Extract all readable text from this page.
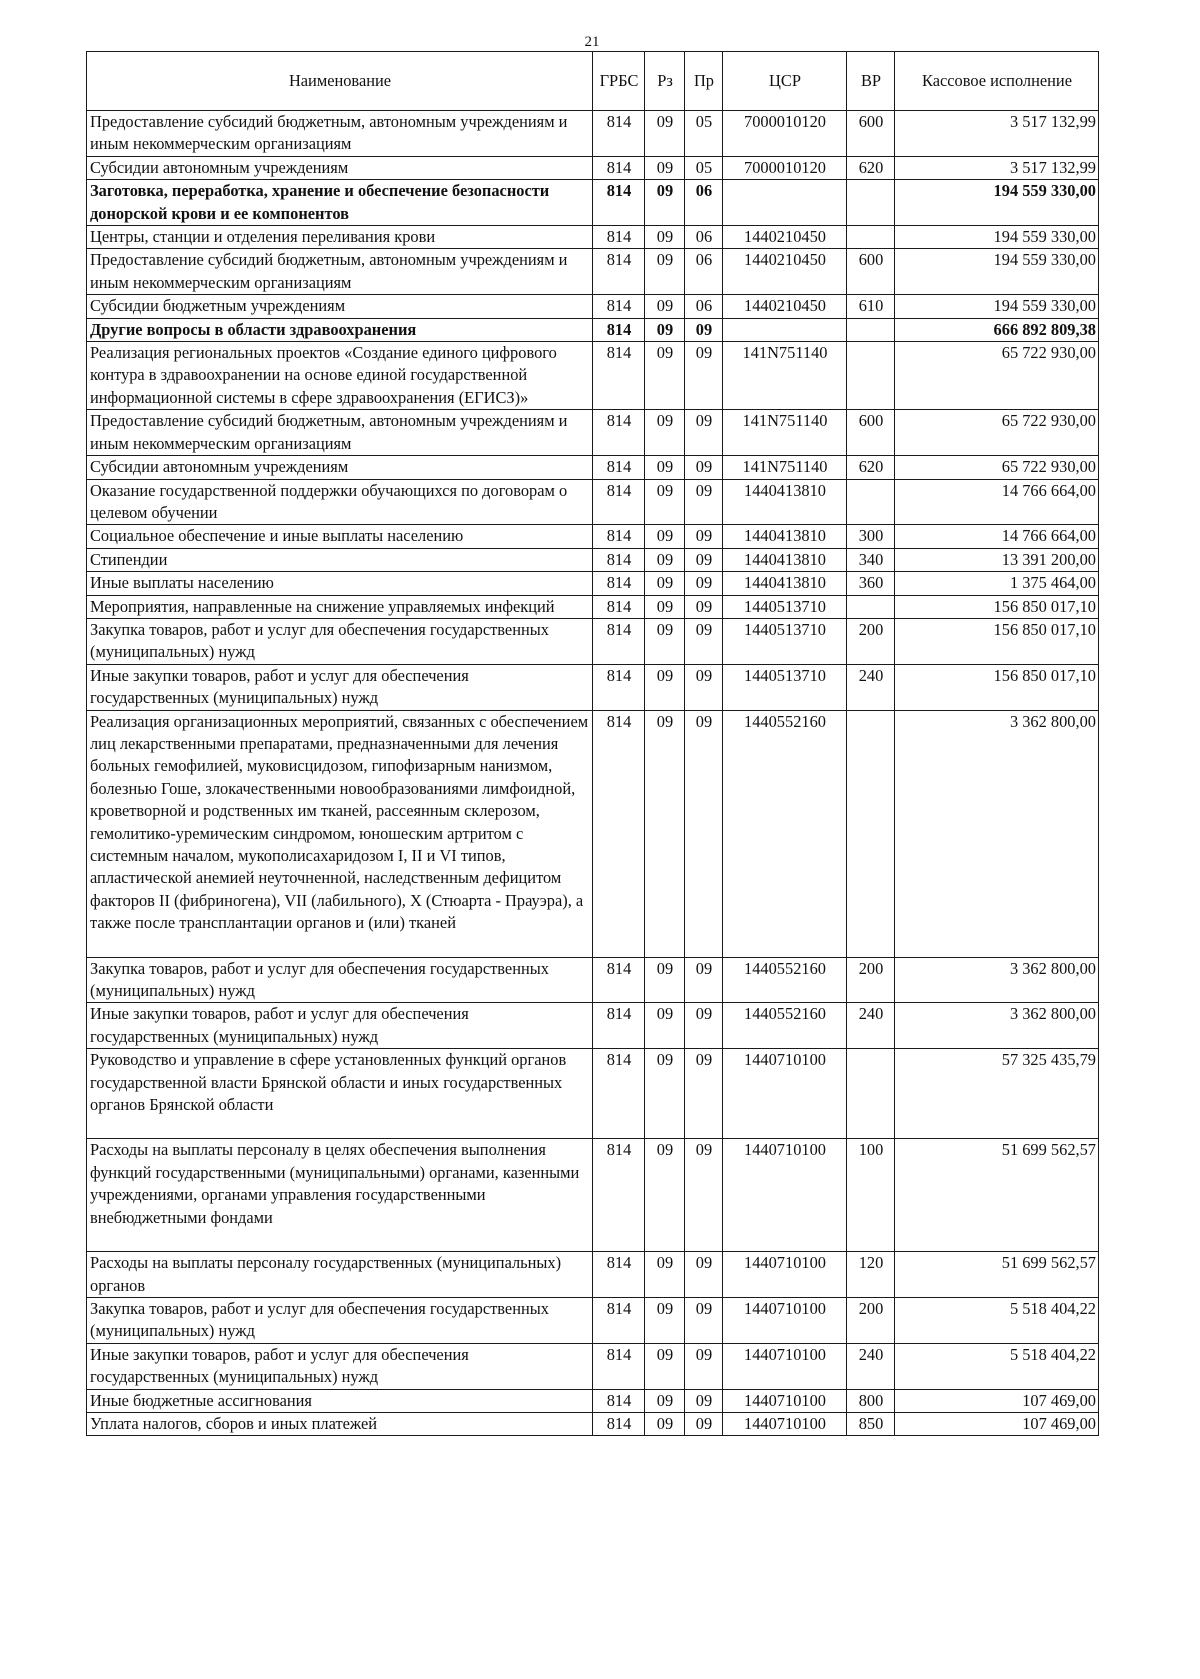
21
Наименование	ГРБС	Рз	Пр	ЦСР	ВР	Кассовое исполнение
Предоставление субсидий бюджетным, автономным учреждениям и иным некоммерческим организациям	814	09	05	7000010120	600	3 517 132,99
Субсидии автономным учреждениям	814	09	05	7000010120	620	3 517 132,99
Заготовка, переработка, хранение и обеспечение безопасности донорской крови и ее компонентов	814	09	06			194 559 330,00
Центры, станции и отделения переливания крови	814	09	06	1440210450		194 559 330,00
Предоставление субсидий бюджетным, автономным учреждениям и иным некоммерческим организациям	814	09	06	1440210450	600	194 559 330,00
Субсидии бюджетным учреждениям	814	09	06	1440210450	610	194 559 330,00
Другие вопросы в области здравоохранения	814	09	09			666 892 809,38
Реализация региональных проектов «Создание единого цифрового контура в здравоохранении на основе единой государственной информационной системы в сфере здравоохранения (ЕГИСЗ)»	814	09	09	141N751140		65 722 930,00
Предоставление субсидий бюджетным, автономным учреждениям и иным некоммерческим организациям	814	09	09	141N751140	600	65 722 930,00
Субсидии автономным учреждениям	814	09	09	141N751140	620	65 722 930,00
Оказание государственной поддержки обучающихся по договорам о целевом обучении	814	09	09	1440413810		14 766 664,00
Социальное обеспечение и иные выплаты населению	814	09	09	1440413810	300	14 766 664,00
Стипендии	814	09	09	1440413810	340	13 391 200,00
Иные выплаты населению	814	09	09	1440413810	360	1 375 464,00
Мероприятия, направленные на снижение управляемых инфекций	814	09	09	1440513710		156 850 017,10
Закупка товаров, работ и услуг для обеспечения государственных (муниципальных) нужд	814	09	09	1440513710	200	156 850 017,10
Иные закупки товаров, работ и услуг для обеспечения государственных (муниципальных) нужд	814	09	09	1440513710	240	156 850 017,10
Реализация организационных мероприятий, связанных с обеспечением лиц лекарственными препаратами, предназначенными для лечения больных гемофилией, муковисцидозом, гипофизарным нанизмом, болезнью Гоше, злокачественными новообразованиями лимфоидной, кроветворной и родственных им тканей, рассеянным склерозом, гемолитико-уремическим синдромом, юношеским артритом с системным началом, мукополисахаридозом I, II и VI типов, апластической анемией неуточненной, наследственным дефицитом факторов II (фибриногена), VII (лабильного), X (Стюарта - Прауэра), а также после трансплантации органов и (или) тканей	814	09	09	1440552160		3 362 800,00
Закупка товаров, работ и услуг для обеспечения государственных (муниципальных) нужд	814	09	09	1440552160	200	3 362 800,00
Иные закупки товаров, работ и услуг для обеспечения государственных (муниципальных) нужд	814	09	09	1440552160	240	3 362 800,00
Руководство и управление в сфере установленных функций органов государственной власти Брянской области и иных государственных органов Брянской области	814	09	09	1440710100		57 325 435,79
Расходы на выплаты персоналу в целях обеспечения выполнения функций государственными (муниципальными) органами, казенными учреждениями, органами управления государственными внебюджетными фондами	814	09	09	1440710100	100	51 699 562,57
Расходы на выплаты персоналу государственных (муниципальных) органов	814	09	09	1440710100	120	51 699 562,57
Закупка товаров, работ и услуг для обеспечения государственных (муниципальных) нужд	814	09	09	1440710100	200	5 518 404,22
Иные закупки товаров, работ и услуг для обеспечения государственных (муниципальных) нужд	814	09	09	1440710100	240	5 518 404,22
Иные бюджетные ассигнования	814	09	09	1440710100	800	107 469,00
Уплата налогов, сборов и иных платежей	814	09	09	1440710100	850	107 469,00
